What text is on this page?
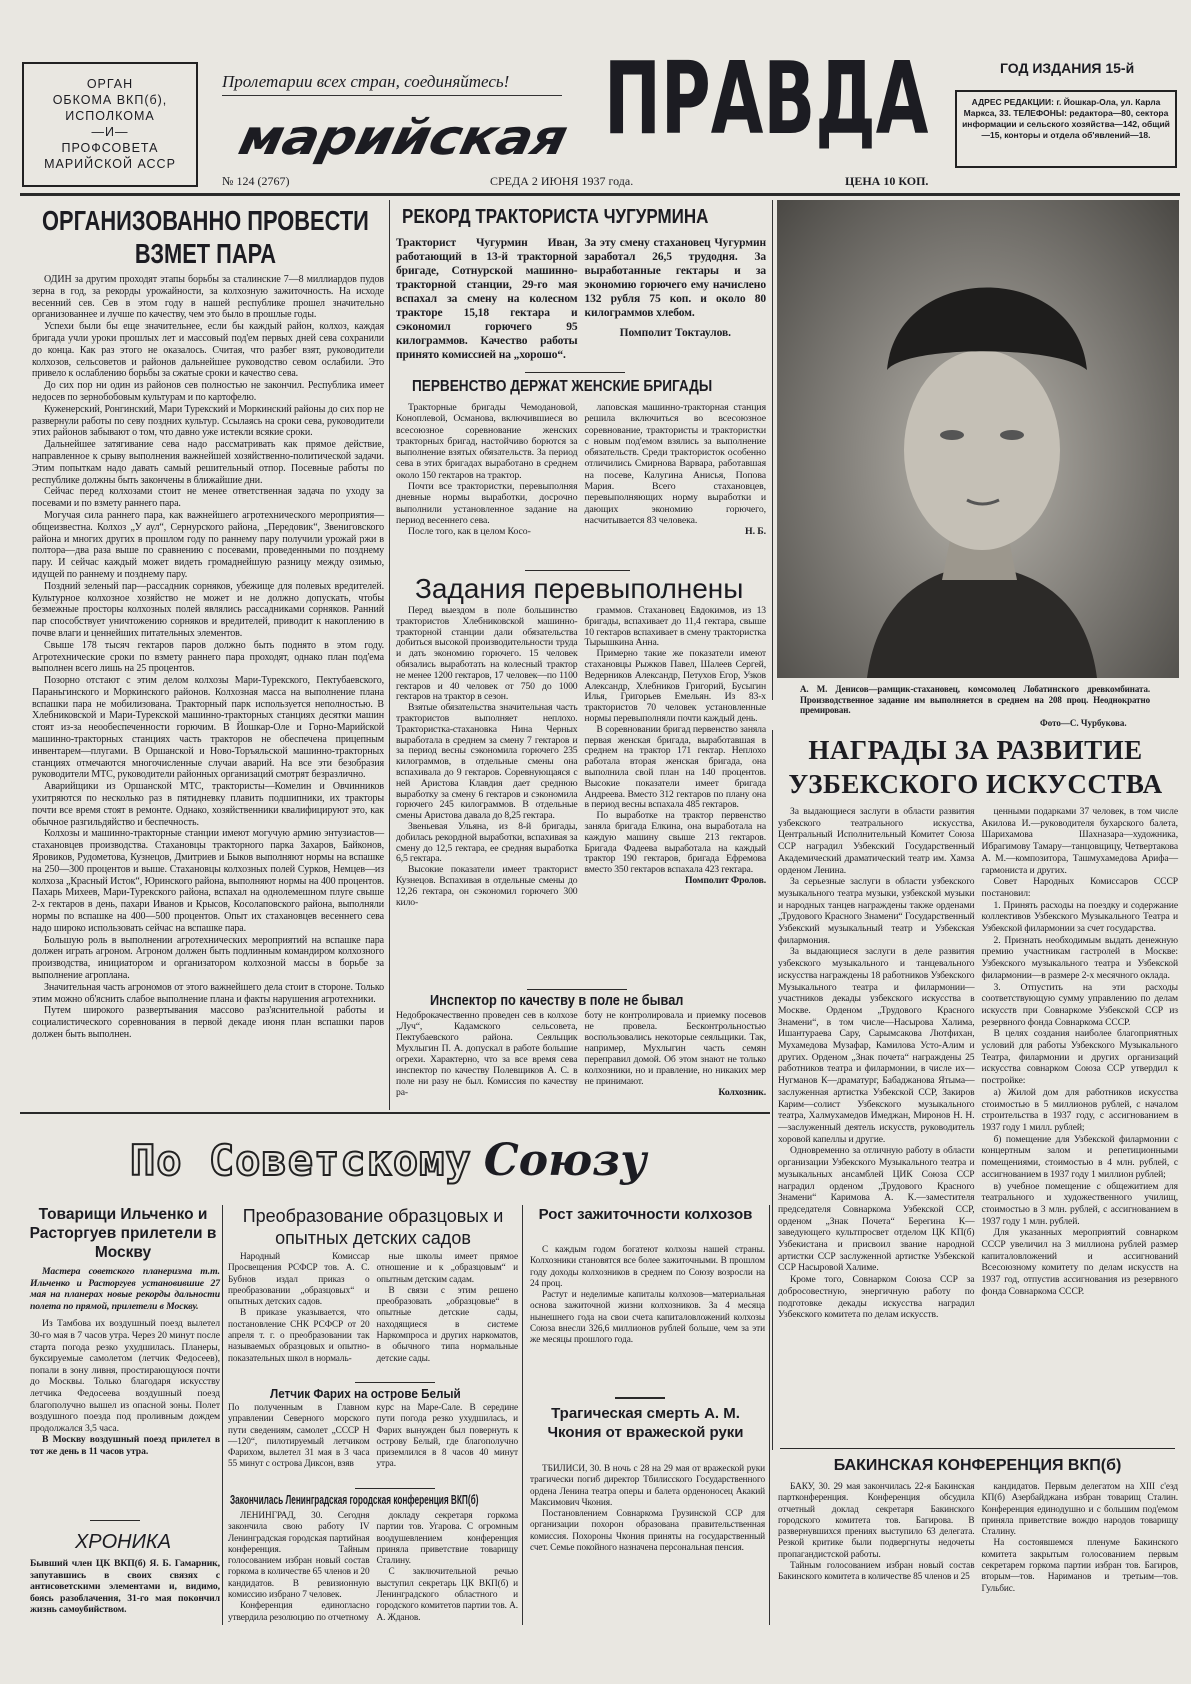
ОРГАН
ОБКОМА ВКП(б),
ИСПОЛКОМА
—И—
ПРОФСОВЕТА
МАРИЙСКОЙ АССР
Пролетарии всех стран, соединяйтесь!
марийская ПРАВДА	ГОД ИЗДАНИЯ 15-й
АДРЕС РЕДАКЦИИ: г. Йошкар-Ола, ул. Карла Маркса, 33. ТЕЛЕФОНЫ: редактора—80, сектора информации и сельского хозяйства—142, общий—15, конторы и отдела об'явлений—18.
№ 124 (2767)	СРЕДА 2 ИЮНЯ 1937 года.	ЦЕНА 10 КОП.
ОРГАНИЗОВАННО ПРОВЕСТИ ВЗМЕТ ПАРА

ОДИН за другим проходят этапы борьбы за сталинские 7—8 миллиардов пудов зерна в год, за рекорды урожайности, за колхозную зажиточность. На исходе весенний сев. Сев в этом году в нашей республике прошел значительно организованнее и лучше по качеству, чем это было в прошлые годы.

Успехи были бы еще значительнее, если бы каждый район, колхоз, каждая бригада учли уроки прошлых лет и массовый под'ем первых дней сева сохранили до конца. Как раз этого не оказалось. Считая, что разбег взят, руководители колхозов, сельсоветов и районов дальнейшее руководство севом ослабили. Это привело к ослаблению борьбы за сжатые сроки и качество сева.

До сих пор ни один из районов сев полностью не закончил. Республика имеет недосев по зернобобовым культурам и по картофелю.

Куженерский, Ронгинский, Мари Турекский и Моркинский районы до сих пор не развернули работы по севу поздних культур. Ссылаясь на сроки сева, руководители этих районов забывают о том, что давно уже истекли всякие сроки.

Дальнейшее затягивание сева надо рассматривать как прямое действие, направленное к срыву выполнения важнейшей хозяйственно-политической задачи. Этим попыткам надо давать самый решительный отпор. Посевные работы по республике должны быть закончены в ближайшие дни.

Сейчас перед колхозами стоит не менее ответственная задача по уходу за посевами и по взмету раннего пара.

Могучая сила раннего пара, как важнейшего агротехнического мероприятия—общеизвестна. Колхоз „У аул“, Сернурского района, „Передовик“, Звениговского района и многих других в прошлом году по раннему пару получили урожай ржи в полтора—два раза выше по сравнению с посевами, проведенными по позднему пару. И сейчас каждый может видеть громаднейшую разницу между озимью, идущей по раннему и позднему пару.

Поздний зеленый пар—рассадник сорняков, убежище для полевых вредителей. Культурное колхозное хозяйство не может и не должно допускать, чтобы безмежные просторы колхозных полей являлись рассадниками сорняков. Ранний пар способствует уничтожению сорняков и вредителей, приводит к накоплению в почве влаги и ценнейших питательных элементов.

Свыше 178 тысяч гектаров паров должно быть поднято в этом году. Агротехнические сроки по взмету раннего пара проходят, однако план под'ема выполнен всего лишь на 25 процентов.

Позорно отстают с этим делом колхозы Мари-Турекского, Пектубаевского, Параньгинского и Моркинского районов. Колхозная масса на выполнение плана вспашки пара не мобилизована. Тракторный парк используется неполностью. В Хлебниковской и Мари-Турекской машинно-тракторных станциях десятки машин стоят из-за неообеспеченности горючим. В Йошкар-Оле и Горно-Марийской машинно-тракторных станциях часть тракторов не обеспечена прицепным инвентарем—плугами. В Оршанской и Ново-Торъяльской машинно-тракторных станциях отмечаются многочисленные случаи аварий. На все эти безобразия руководители МТС, руководители районных организаций смотрят безразлично.

Аварийщики из Оршанской МТС, трактористы—Комелин и Овчинников ухитряются по несколько раз в пятидневку плавить подшипники, их тракторы почти все время стоят в ремонте. Однако, хозяйственники квалифицируют это, как обычное разгильдяйство и беспечность.

Колхозы и машинно-тракторные станции имеют могучую армию энтузиастов—стахановцев производства. Стахановцы тракторного парка Захаров, Байконов, Яровиков, Рудометова, Кузнецов, Дмитриев и Быков выполняют нормы на вспашке на 250—300 процентов и выше. Стахановцы колхозных полей Сурков, Немцев—из колхоза „Красный Исток“, Юринского района, выполняют нормы на 400 процентов. Пахарь Михеев, Мари-Турекского района, вспахал на однолемешном плуге свыше 2-х гектаров в день, пахари Иванов и Крысов, Косолаповского района, выполняли нормы по вспашке на 400—500 процентов. Опыт их стахановцев весеннего сева надо широко использовать сейчас на вспашке пара.

Большую роль в выполнении агротехнических мероприятий на вспашке пара должен играть агроном. Агроном должен быть подлинным командиром колхозного производства, инициатором и организатором колхозной массы в борьбе за выполнение агроплана.

Значительная часть агрономов от этого важнейшего дела стоит в стороне. Только этим можно об'яснить слабое выполнение плана и факты нарушения агротехники.

Путем широкого развертывания массово раз'яснительной работы и социалистического соревнования в первой декаде июня план вспашки паров должен быть выполнен.

РЕКОРД ТРАКТОРИСТА ЧУГУРМИНА
Тракторист Чугурмин Иван, работающий в 13-й тракторной бригаде, Сотнурской машинно-тракторной станции, 29-го мая вспахал за смену на колесном тракторе 15,18 гектара и сэкономил горючего 95 килограммов. Качество работы принято комиссией на „хорошо“.
За эту смену стахановец Чугурмин заработал 26,5 трудодня. За выработанные гектары и за экономию горючего ему начислено 132 рубля 75 коп. и около 80 килограммов хлебом.
Помполит Токтаулов.
ПЕРВЕНСТВО ДЕРЖАТ ЖЕНСКИЕ БРИГАДЫ

Тракторные бригады Чемодановой, Коноплевой, Османова, включившиеся во всесоюзное соревнование женских тракторных бригад, настойчиво борются за выполнение взятых обязательств. За период сева в этих бригадах выработано в среднем около 150 гектаров на трактор.

Почти все трактористки, перевыполняя дневные нормы выработки, досрочно выполнили установленное задание на период весеннего сева.

После того, как в целом Косо-

лаповская машинно-тракторная станция решила включиться во всесоюзное соревнование, трактористы и трактористки с новым под'емом взялись за выполнение обязательств. Среди трактористок особенно отличились Смирнова Варвара, работавшая на посеве, Калугина Анисья, Попова Мария. Всего стахановцев, перевыполняющих норму выработки и дающих экономию горючего, насчитывается 83 человека.

Н. Б.
Задания перевыполнены

Перед выездом в поле большинство трактористов Хлебниковской машинно-тракторной станции дали обязательства добиться высокой производительности труда и дать экономию горючего. 15 человек обязались выработать на колесный трактор не менее 1200 гектаров, 17 человек—по 1100 гектаров и 40 человек от 750 до 1000 гектаров на трактор в сезон.

Взятые обязательства значительная часть трактористов выполняет неплохо. Трактористка-стахановка Нина Черных выработала в среднем за смену 7 гектаров и за период весны сэкономила горючего 235 килограммов, в отдельные смены она вспахивала до 9 гектаров. Соревнующаяся с ней Аристова Клавдия дает среднюю выработку за смену 6 гектаров и сэкономила горючего 245 килограммов. В отдельные смены Аристова давала до 8,25 гектара.

Звеньевая Ульяна, из 8-й бригады, добилась рекордной выработки, вспахивая за смену до 12,5 гектара, ее средняя выработка 6,5 гектара.

Высокие показатели имеет тракторист Кузнецов. Вспахивая в отдельные смены до 12,26 гектара, он сэкономил горючего 300 кило-

граммов. Стахановец Евдокимов, из 13 бригады, вспахивает до 11,4 гектара, свыше 10 гектаров вспахивает в смену трактористка Тырышкина Анна.

Примерно такие же показатели имеют стахановцы Рыжков Павел, Шалеев Сергей, Ведерников Александр, Петухов Егор, Узков Александр, Хлебников Григорий, Бусыгин Илья, Григорьев Емельян. Из 83-х трактористов 70 человек установленные нормы перевыполняли почти каждый день.

В соревновании бригад первенство заняла первая женская бригада, выработавшая в среднем на трактор 171 гектар. Неплохо работала вторая женская бригада, она выполнила свой план на 140 процентов. Высокие показатели имеет бригада Андреева. Вместо 312 гектаров по плану она в период весны вспахала 485 гектаров.

По выработке на трактор первенство заняла бригада Елкина, она выработала на каждую машину свыше 213 гектаров. Бригада Фадеева выработала на каждый трактор 190 гектаров, бригада Ефремова вместо 350 гектаров вспахала 423 гектара.

Помполит Фролов.
Инспектор по качеству в поле не бывал
Недоброкачественно проведен сев в колхозе „Луч“, Кадамского сельсовета, Пектубаевского района. Сеяльщик Мухлыгин П. А. допускал в работе большие огрехи. Характерно, что за все время сева инспектор по качеству Полевщиков А. С. в поле ни разу не был. Комиссия по качеству ра-
боту не контролировала и приемку посевов не провела. Бесконтрольностью воспользовались некоторые сеяльщики. Так, например, Мухлыгин часть семян переправил домой. Об этом знают не только колхозники, но и правление, но никаких мер не принимают.
Колхозник.
А. М. Денисов—рамщик-стахановец, комсомолец Лобатинского древкомбината. Производственное задание им выполняется в среднем на 208 проц. Неоднократно премирован.
Фото—С. Чурбукова.
НАГРАДЫ ЗА РАЗВИТИЕ УЗБЕКСКОГО ИСКУССТВА

За выдающиеся заслуги в области развития узбекского театрального искусства, Центральный Исполнительный Комитет Союза ССР наградил Узбекский Государственный Академический драматический театр им. Хамза орденом Ленина.

За серьезные заслуги в области узбекского музыкального театра музыки, узбекской музыки и народных танцев награждены также орденами „Трудового Красного Знамени“ Государственный Узбекский музыкальный театр и Узбекская филармония.

За выдающиеся заслуги в деле развития узбекского музыкального и танцевального искусства награждены 18 работников Узбекского Музыкального театра и филармонии—участников декады узбекского искусства в Москве. Орденом „Трудового Красного Знамени“, в том числе—Насырова Халима, Ишантураева Сару, Сарымсакова Лютфихан, Мухамедова Музафар, Камилова Усто-Алим и других. Орденом „Знак почета“ награждены 25 работников театра и филармонии, в числе их—Нугманов К—драматург, Бабаджанова Ятыма—заслуженная артистка Узбекской ССР, Закиров Карим—солист Узбекского музыкального театра, Халмухамедов Имеджан, Миронов Н. Н.—заслуженный деятель искусств, руководитель хоровой капеллы и другие.

Одновременно за отличную работу в области организации Узбекского Музыкального театра и музыкальных ансамблей ЦИК Союза ССР наградил орденом „Трудового Красного Знамени“ Каримова А. К.—заместителя председателя Совнаркома Узбекской ССР, орденом „Знак Почета“ Берегина К—заведующего культпросвет отделом ЦК КП(б) Узбекистана и присвоил звание народной артистки ССР заслуженной артистке Узбекской ССР Насыровой Халиме.

Кроме того, Совнарком Союза ССР за добросовестную, энергичную работу по подготовке декады искусства наградил Узбекского комитета по делам искусств.

ценными подарками 37 человек, в том числе Акилова И.—руководителя бухарского балета, Шарихамова Шахназара—художника, Ибрагимову Тамару—танцовщицу, Четвертакова А. М.—композитора, Ташмухамедова Арифа—гармониста и других.

Совет Народных Комиссаров СССР постановил:

1. Принять расходы на поездку и содержание коллективов Узбекского Музыкального Театра и Узбекской филармонии за счет государства.

2. Признать необходимым выдать денежную премию участникам гастролей в Москве: Узбекского музыкального театра и Узбекской филармонии—в размере 2-х месячного оклада.

3. Отпустить на эти расходы соответствующую сумму управлению по делам искусств при Совнаркоме Узбекской ССР из резервного фонда Совнаркома СССР.

В целях создания наиболее благоприятных условий для работы Узбекского Музыкального Театра, филармонии и других организаций искусства совнарком Союза ССР утвердил к постройке:

а) Жилой дом для работников искусства стоимостью в 5 миллионов рублей, с началом строительства в 1937 году, с ассигнованием в 1937 году 1 милл. рублей;

б) помещение для Узбекской филармонии с концертным залом и репетиционными помещениями, стоимостью в 4 млн. рублей, с ассигнованием в 1937 году 1 миллион рублей;

в) учебное помещение с общежитием для театрального и художественного училищ, стоимостью в 3 млн. рублей, с ассигнованием в 1937 году 1 млн. рублей.

Для указанных мероприятий совнарком СССР увеличил на 3 миллиона рублей размер капиталовложений и ассигнований Всесоюзному комитету по делам искусств на 1937 год, отпустив ассигнования из резервного фонда Совнаркома СССР.

По Советскому Союзу
Товарищи Ильченко и Расторгуев прилетели в Москву

Мастера советского планеризма т.т. Ильченко и Расторгуев установившие 27 мая на планерах новые рекорды дальности полета по прямой, прилетели в Москву.

Из Тамбова их воздушный поезд вылетел 30-го мая в 7 часов утра. Через 20 минут после старта погода резко ухудшилась. Планеры, буксируемые самолетом (летчик Федосеев), попали в зону ливня, простирающуюся почти до Москвы. Только благодаря искусству летчика Федосеева воздушный поезд благополучно вышел из опасной зоны. Полет воздушного поезда под проливным дождем продолжался 3,5 часа.

В Москву воздушный поезд прилетел в тот же день в 11 часов утра.

ХРОНИКА
Бывший член ЦК ВКП(б) Я. Б. Гамарник, запутавшись в своих связях с антисоветскими элементами и, видимо, боясь разоблачения, 31-го мая покончил жизнь самоубийством.
Преобразование образцовых и опытных детских садов

Народный Комиссар Просвещения РСФСР тов. А. С. Бубнов издал приказ о преобразовании „образцовых“ и опытных детских садов.

В приказе указывается, что постановление СНК РСФСР от 20 апреля т. г. о преобразовании так называемых образцовых и опытно-показательных школ в нормаль-

ные школы имеет прямое отношение и к „образцовым“ и опытным детским садам.

В связи с этим решено преобразовать „образцовые“ в опытные детские сады, находящиеся в системе Наркомпроса и других наркоматов, в обычного типа нормальные детские сады.

Летчик Фарих на острове Белый
По полученным в Главном управлении Северного морского пути сведениям, самолет „СССР Н—120“, пилотируемый летчиком Фарихом, вылетел 31 мая в 3 часа 55 минут с острова Диксон, взяв
курс на Маре-Сале. В середине пути погода резко ухудшилась, и Фарих вынужден был повернуть к острову Белый, где благополучно приземлился в 8 часов 40 минут утра.
Закончилась Ленинградская городская конференция ВКП(б)

ЛЕНИНГРАД, 30. Сегодня закончила свою работу IV Ленинградская городская партийная конференция. Тайным голосованием избран новый состав горкома в количестве 65 членов и 20 кандидатов. В ревизионную комиссию избрано 7 человек.

Конференция единогласно утвердила резолюцию по отчетному

докладу секретаря горкома партии тов. Угарова. С огромным воодушевлением конференция приняла приветствие товарищу Сталину.

С заключительной речью выступил секретарь ЦК ВКП(б) и Ленинградского областного и городского комитетов партии тов. А. А. Жданов.

Рост зажиточности колхозов

С каждым годом богатеют колхозы нашей страны. Колхозники становятся все более зажиточными. В прошлом году доходы колхозников в среднем по Союзу возросли на 24 проц.

Растут и неделимые капиталы колхозов—материальная основа зажиточной жизни колхозников. За 4 месяца нынешнего года на свои счета капиталовложений колхозы Союза внесли 326,6 миллионов рублей больше, чем за эти же месяцы прошлого года.

Трагическая смерть А. М. Чкония от вражеской руки

ТБИЛИСИ, 30. В ночь с 28 на 29 мая от вражеской руки трагически погиб директор Тбилисского Государственного ордена Ленина театра оперы и балета орденоносец Акакий Максимович Чкония.

Постановлением Совнаркома Грузинской ССР для организации похорон образована правительственная комиссия. Похороны Чкония приняты на государственный счет. Семье покойного назначена персональная пенсия.

БАКИНСКАЯ КОНФЕРЕНЦИЯ ВКП(б)

БАКУ, 30. 29 мая закончилась 22-я Бакинская партконференция. Конференция обсудила отчетный доклад секретаря Бакинского городского комитета тов. Багирова. В развернувшихся прениях выступило 63 делегата. Резкой критике были подвергнуты недочеты пропагандистской работы.

Тайным голосованием избран новый состав Бакинского комитета в количестве 85 членов и 25

кандидатов. Первым делегатом на XIII с'езд КП(б) Азербайджана избран товарищ Сталин. Конференция единодушно и с большим под'емом приняла приветствие вождю народов товарищу Сталину.

На состоявшемся пленуме Бакинского комитета закрытым голосованием первым секретарем горкома партии избран тов. Багиров, вторым—тов. Нариманов и третьим—тов. Гульбис.
